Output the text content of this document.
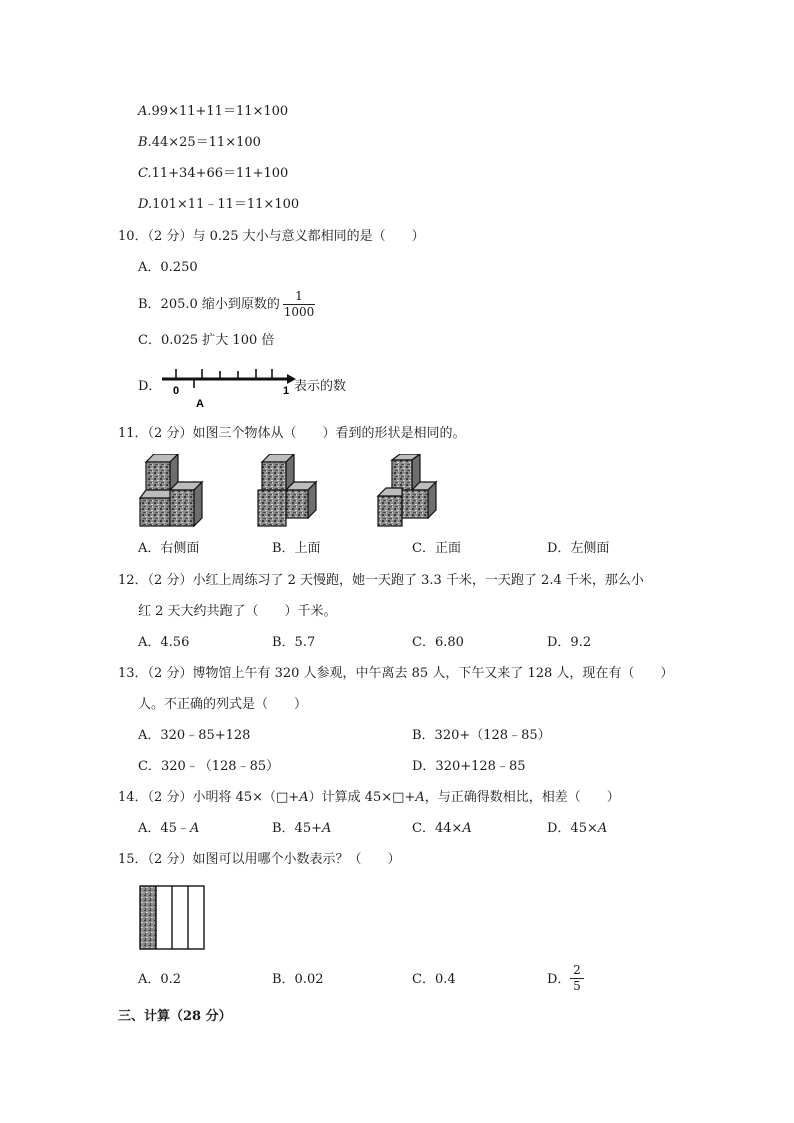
A.99×11+11＝11×100
B.44×25＝11×100
C.11+34+66＝11+100
D.101×11﹣11＝11×100
10．（2 分）与 0.25 大小与意义都相同的是（　　）
A．0.250
B．205.0 缩小到原数的
1
1000
C．0.025 扩大 100 倍
D． 0	1
A
表示的数
11．（2 分）如图三个物体从（　　）看到的形状是相同的。
A．右侧面	B．上面	C．正面	D．左侧面
12．（2 分）小红上周练习了 2 天慢跑，她一天跑了 3.3 千米，一天跑了 2.4 千米，那么小
红 2 天大约共跑了（　　）千米。
A．4.56	B．5.7	C．6.80	D．9.2
13．（2 分）博物馆上午有 320 人参观，中午离去 85 人，下午又来了 128 人，现在有（　　）
人。不正确的列式是（　　）
A．320﹣85+128	B．320+（128﹣85）
C．320﹣（128﹣85）	D．320+128﹣85
14．（2 分）小明将 45×（□+A）计算成 45×□+A，与正确得数相比，相差（　　）
A．45﹣A	B．45+A	C．44×A	D．45×A
15．（2 分）如图可以用哪个小数表示？（　　）
A．0.2	B．0.02	C．0.4	D．
2
5
三、计算（28 分）
